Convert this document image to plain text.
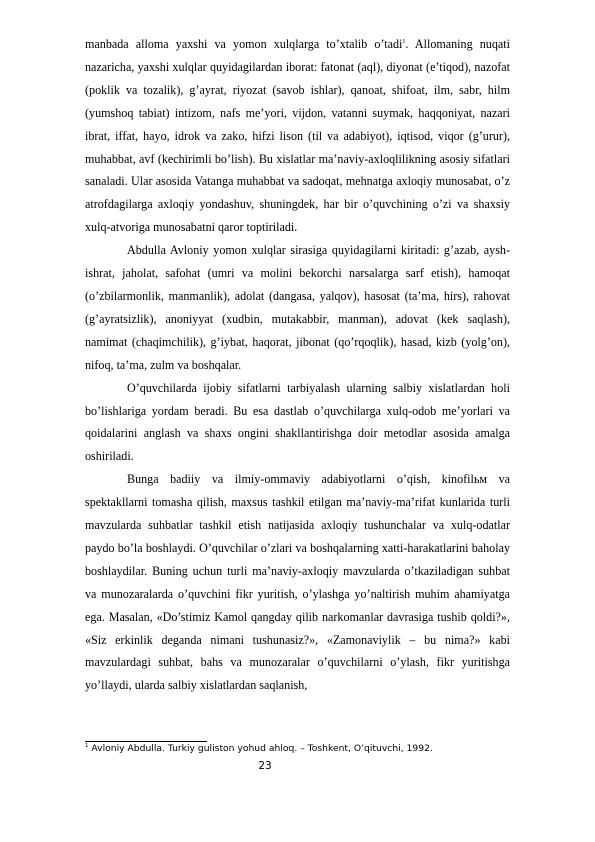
manbada alloma yaxshi va yomon xulqlarga to’xtalib o’tadi$^1$. Allomaning nuqati nazaricha, yaxshi xulqlar quyidagilardan iborat: fatonat (aql), diyonat (e’tiqod), nazofat (poklik va tozalik), g’ayrat, riyozat (savob ishlar), qanoat, shifoat, ilm, sabr, hilm (yumshoq tabiat) intizom, nafs me’yori, vijdon, vatanni suymak, haqqoniyat, nazari ibrat, iffat, hayo, idrok va zako, hifzi lison (til va adabiyot), iqtisod, viqor (g’urur), muhabbat, avf (kechirimli bo’lish). Bu xislatlar ma’naviy-axloqlilikning asosiy sifatlari sanaladi. Ular asosida Vatanga muhabbat va sadoqat, mehnatga axloqiy munosabat, o’z atrofdagilarga axloqiy yondashuv, shuningdek, har bir o’quvchining o’zi va shaxsiy xulq-atvoriga munosabatni qaror toptiriladi.

Abdulla Avloniy yomon xulqlar sirasiga quyidagilarni kiritadi: g’azab, aysh-ishrat, jaholat, safohat (umri va molini bekorchi narsalarga sarf etish), hamoqat (o’zbilarmonlik, manmanlik), adolat (dangasa, yalqov), hasosat (ta’ma, hirs), rahovat (g’ayratsizlik), anoniyyat (xudbin, mutakabbir, manman), adovat (kek saqlash), namimat (chaqimchilik), g’iybat, haqorat, jibonat (qo’rqoqlik), hasad, kizb (yolg’on), nifoq, ta’ma, zulm va boshqalar.

O’quvchilarda ijobiy sifatlarni tarbiyalash ularning salbiy xislatlardan holi bo’lishlariga yordam beradi. Bu esa dastlab o’quvchilarga xulq-odob me’yorlari va qoidalarini anglash va shaxs ongini shakllantirishga doir metodlar asosida amalga oshiriladi.

Bunga badiiy va ilmiy-ommaviy adabiyotlarni o’qish, kinofilьм va spektakllarni tomasha qilish, maxsus tashkil etilgan ma’naviy-ma’rifat kunlarida turli mavzularda suhbatlar tashkil etish natijasida axloqiy tushunchalar va xulq-odatlar paydo bo’la boshlaydi. O’quvchilar o’zlari va boshqalarning xatti-harakatlarini baholay boshlaydilar. Buning uchun turli ma’naviy-axloqiy mavzularda o’tkaziladigan suhbat va munozaralarda o’quvchini fikr yuritish, o’ylashga yo’naltirish muhim ahamiyatga ega. Masalan, «Do’stimiz Kamol qangday qilib narkomanlar davrasiga tushib qoldi?», «Siz erkinlik deganda nimani tushunasiz?», «Zamonaviylik – bu nima?» kabi mavzulardagi suhbat, bahs va munozaralar o’quvchilarni o’ylash, fikr yuritishga yo’llaydi, ularda salbiy xislatlardan saqlanish,

$^1$ Avloniy Abdulla. Turkiy guliston yohud ahloq. – Toshkent, O’qituvchi, 1992.
23
